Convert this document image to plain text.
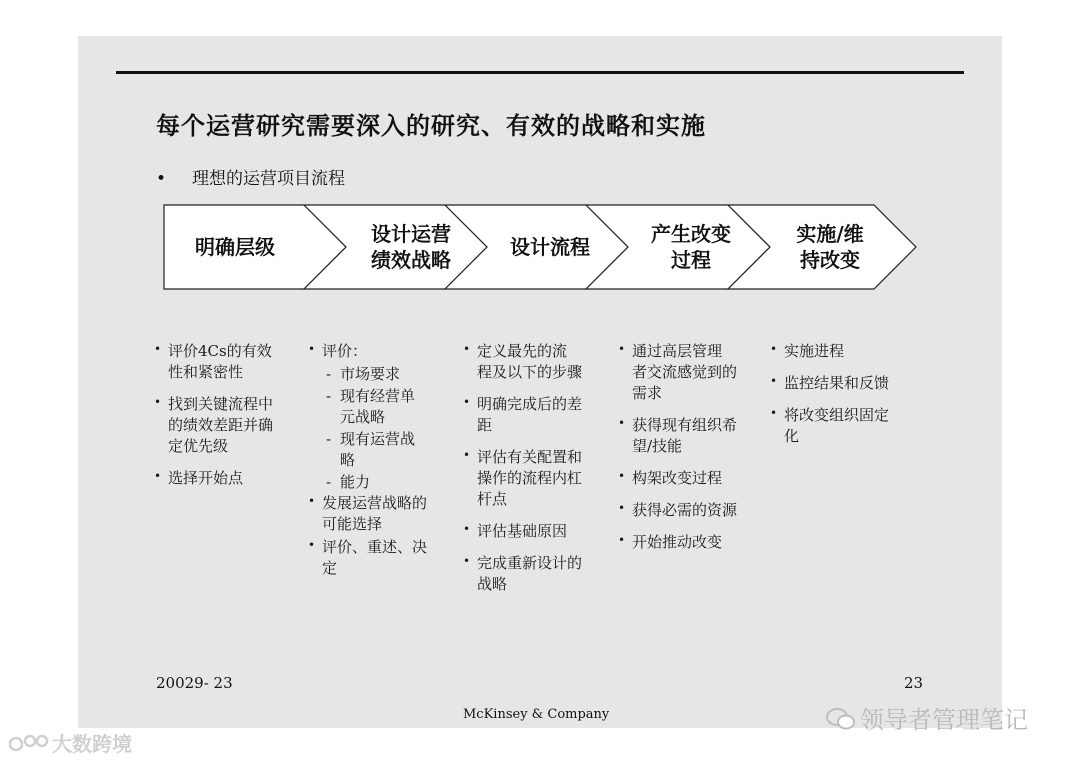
每个运营研究需要深入的研究、有效的战略和实施
• 理想的运营项目流程
明确层级
设计运营
绩效战略
设计流程
产生改变
过程
实施/维
持改变
• 评价4Cs的有效
性和紧密性
• 找到关键流程中
的绩效差距并确
定优先级
• 选择开始点
• 评价：
- 市场要求
- 现有经营单
元战略
- 现有运营战
略
- 能力
• 发展运营战略的
可能选择
• 评价、重述、决
定
• 定义最先的流
程及以下的步骤
• 明确完成后的差
距
• 评估有关配置和
操作的流程内杠
杆点
• 评估基础原因
• 完成重新设计的
战略
• 通过高层管理
者交流感觉到的
需求
• 获得现有组织希
望/技能
• 构架改变过程
• 获得必需的资源
• 开始推动改变
• 实施进程
• 监控结果和反馈
• 将改变组织固定
化
20029- 23	23
McKinsey & Company
大数跨境
领导者管理笔记
